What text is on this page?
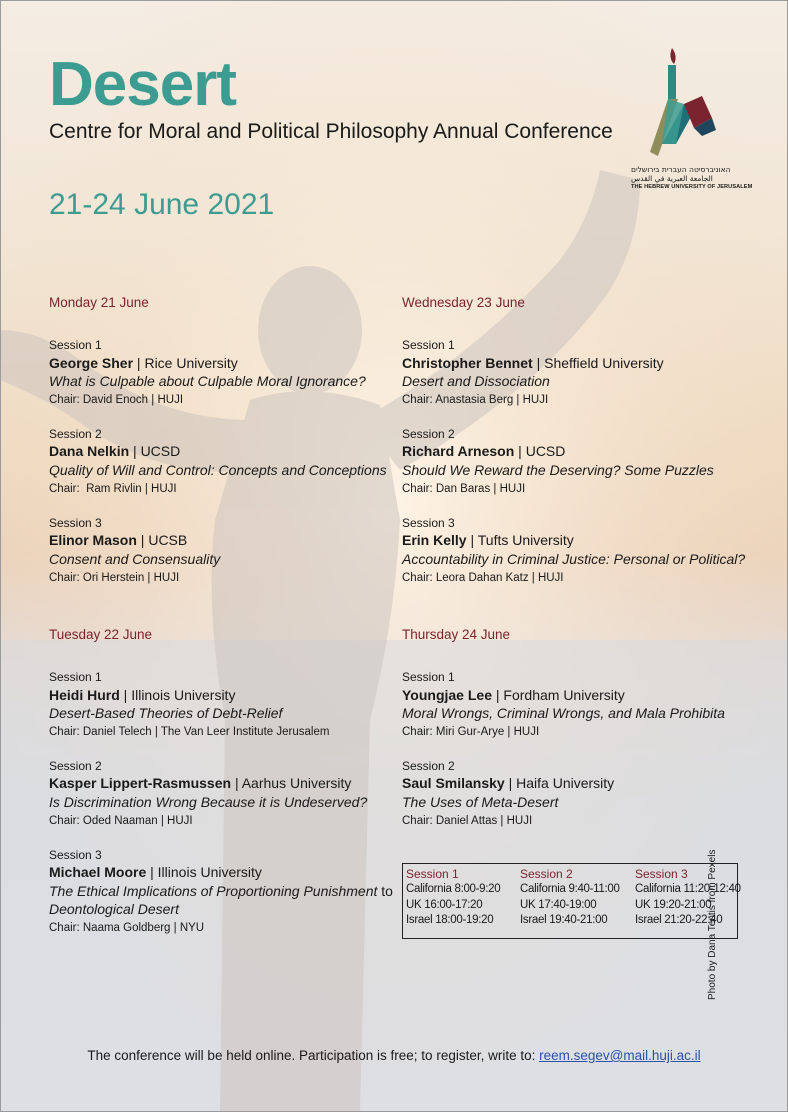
Desert
Centre for Moral and Political Philosophy Annual Conference
21-24 June 2021
האוניברסיטה העברית בירושלים
الجامعة العبرية في القدس
THE HEBREW UNIVERSITY OF JERUSALEM
Monday 21 June
Session 1
George Sher | Rice University
What is Culpable about Culpable Moral Ignorance?
Chair: David Enoch | HUJI
Session 2
Dana Nelkin | UCSD
Quality of Will and Control: Concepts and Conceptions
Chair:  Ram Rivlin | HUJI
Session 3
Elinor Mason | UCSB
Consent and Consensuality
Chair: Ori Herstein | HUJI
Wednesday 23 June
Session 1
Christopher Bennet | Sheffield University
Desert and Dissociation
Chair: Anastasia Berg | HUJI
Session 2
Richard Arneson | UCSD
Should We Reward the Deserving? Some Puzzles
Chair: Dan Baras | HUJI
Session 3
Erin Kelly | Tufts University
Accountability in Criminal Justice: Personal or Political?
Chair: Leora Dahan Katz | HUJI
Tuesday 22 June
Session 1
Heidi Hurd | Illinois University
Desert-Based Theories of Debt-Relief
Chair: Daniel Telech | The Van Leer Institute Jerusalem
Session 2
Kasper Lippert-Rasmussen | Aarhus University
Is Discrimination Wrong Because it is Undeserved?
Chair: Oded Naaman | HUJI
Session 3
Michael Moore | Illinois University
The Ethical Implications of Proportioning Punishment to
Deontological Desert
Chair: Naama Goldberg | NYU
Thursday 24 June
Session 1
Youngjae Lee | Fordham University
Moral Wrongs, Criminal Wrongs, and Mala Prohibita
Chair: Miri Gur-Arye | HUJI
Session 2
Saul Smilansky | Haifa University
The Uses of Meta-Desert
Chair: Daniel Attas | HUJI
Session 1
California 8:00-9:20
UK 16:00-17:20
Israel 18:00-19:20
Session 2
California 9:40-11:00
UK 17:40-19:00
Israel 19:40-21:00
Session 3
California 11:20-12:40
UK 19:20-21:00
Israel 21:20-22:40
The conference will be held online. Participation is free; to register, write to: reem.segev@mail.huji.ac.il
Photo by Dana Tentis from Pexels
